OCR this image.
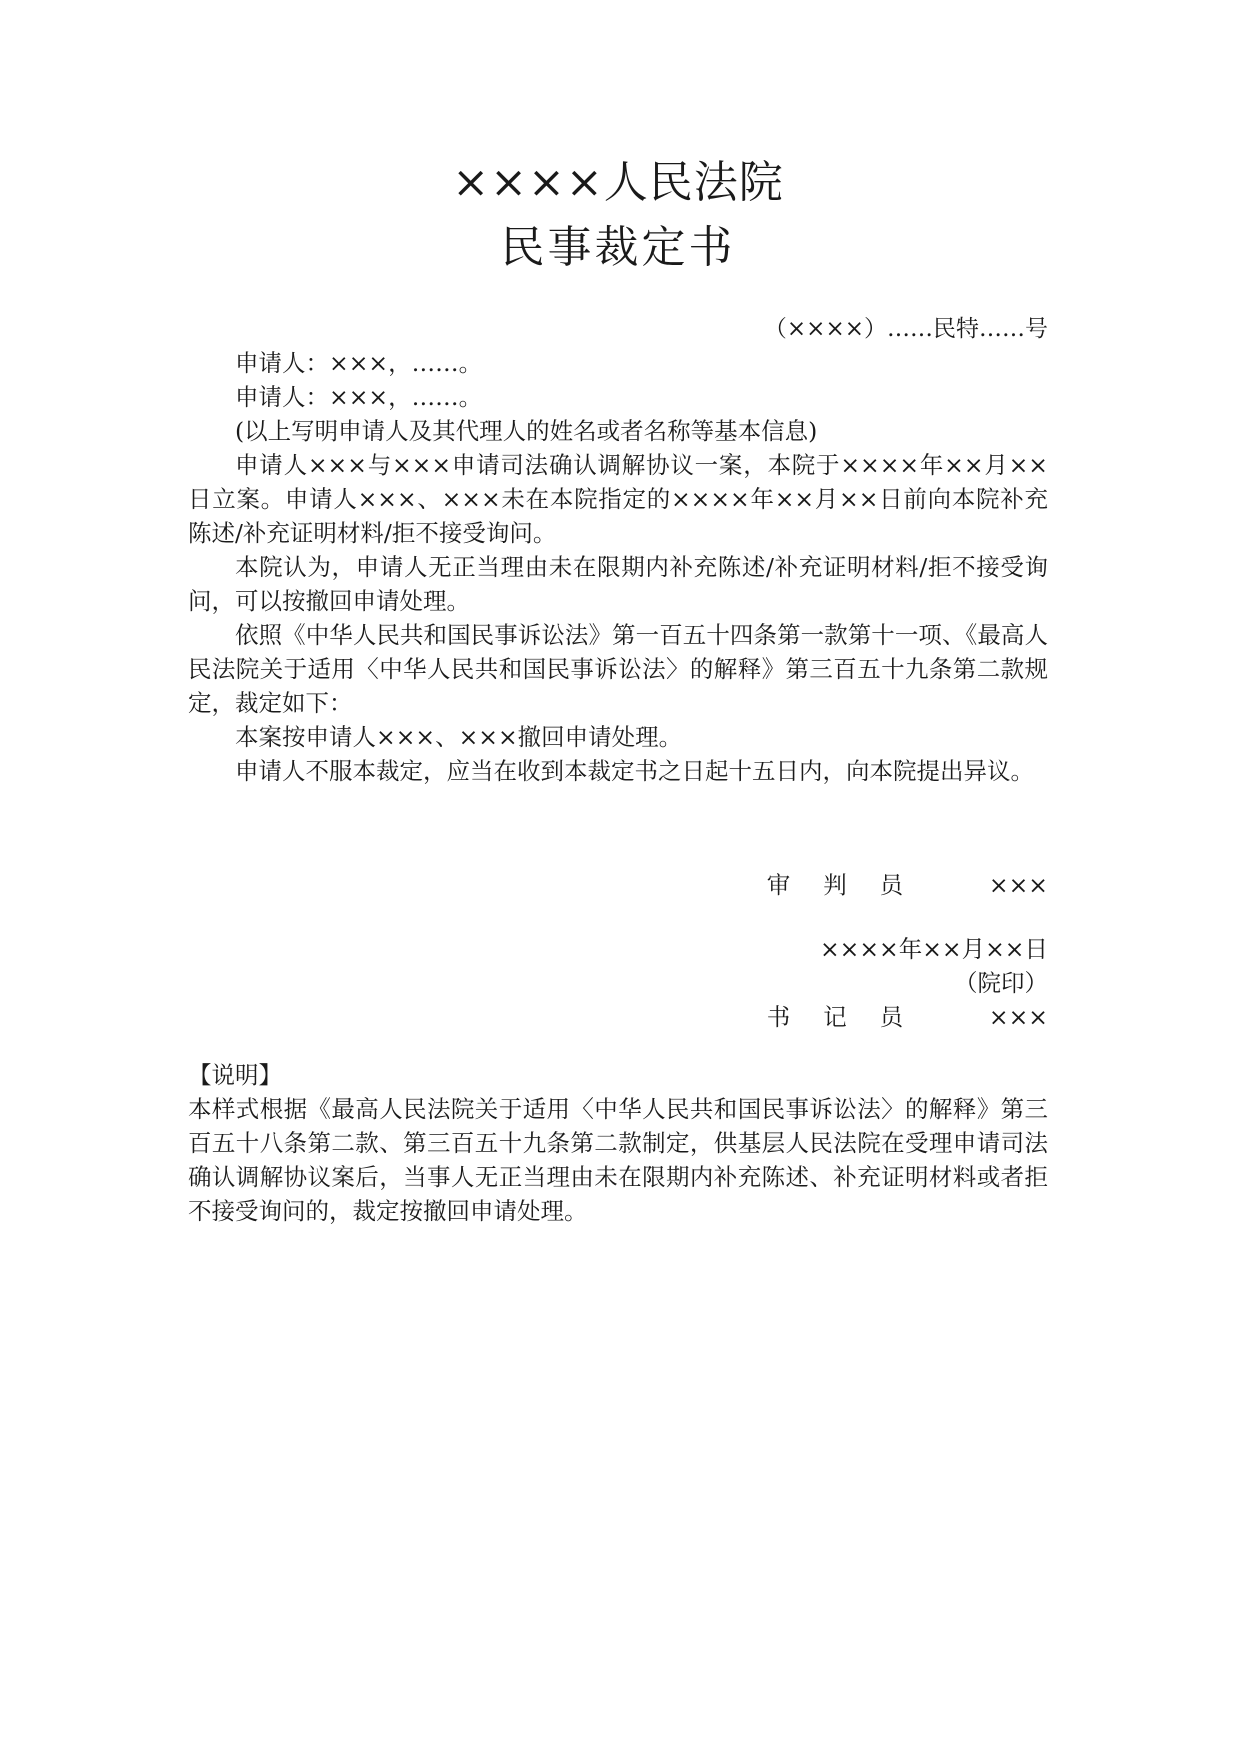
××××人民法院
民事裁定书
（××××）……民特……号

申请人：×××，……。

申请人：×××，……。

(以上写明申请人及其代理人的姓名或者名称等基本信息)

申请人×××与×××申请司法确认调解协议一案，本院于××××年××月××日立案。申请人×××、×××未在本院指定的××××年××月××日前向本院补充陈述/补充证明材料/拒不接受询问。

本院认为，申请人无正当理由未在限期内补充陈述/补充证明材料/拒不接受询问，可以按撤回申请处理。

依照《中华人民共和国民事诉讼法》第一百五十四条第一款第十一项、《最高人民法院关于适用〈中华人民共和国民事诉讼法〉的解释》第三百五十九条第二款规定，裁定如下：

本案按申请人×××、×××撤回申请处理。

申请人不服本裁定，应当在收到本裁定书之日起十五日内，向本院提出异议。

审判员 ×××
××××年××月××日
（院印）
书记员 ×××

【说明】

本样式根据《最高人民法院关于适用〈中华人民共和国民事诉讼法〉的解释》第三百五十八条第二款、第三百五十九条第二款制定，供基层人民法院在受理申请司法确认调解协议案后，当事人无正当理由未在限期内补充陈述、补充证明材料或者拒不接受询问的，裁定按撤回申请处理。
